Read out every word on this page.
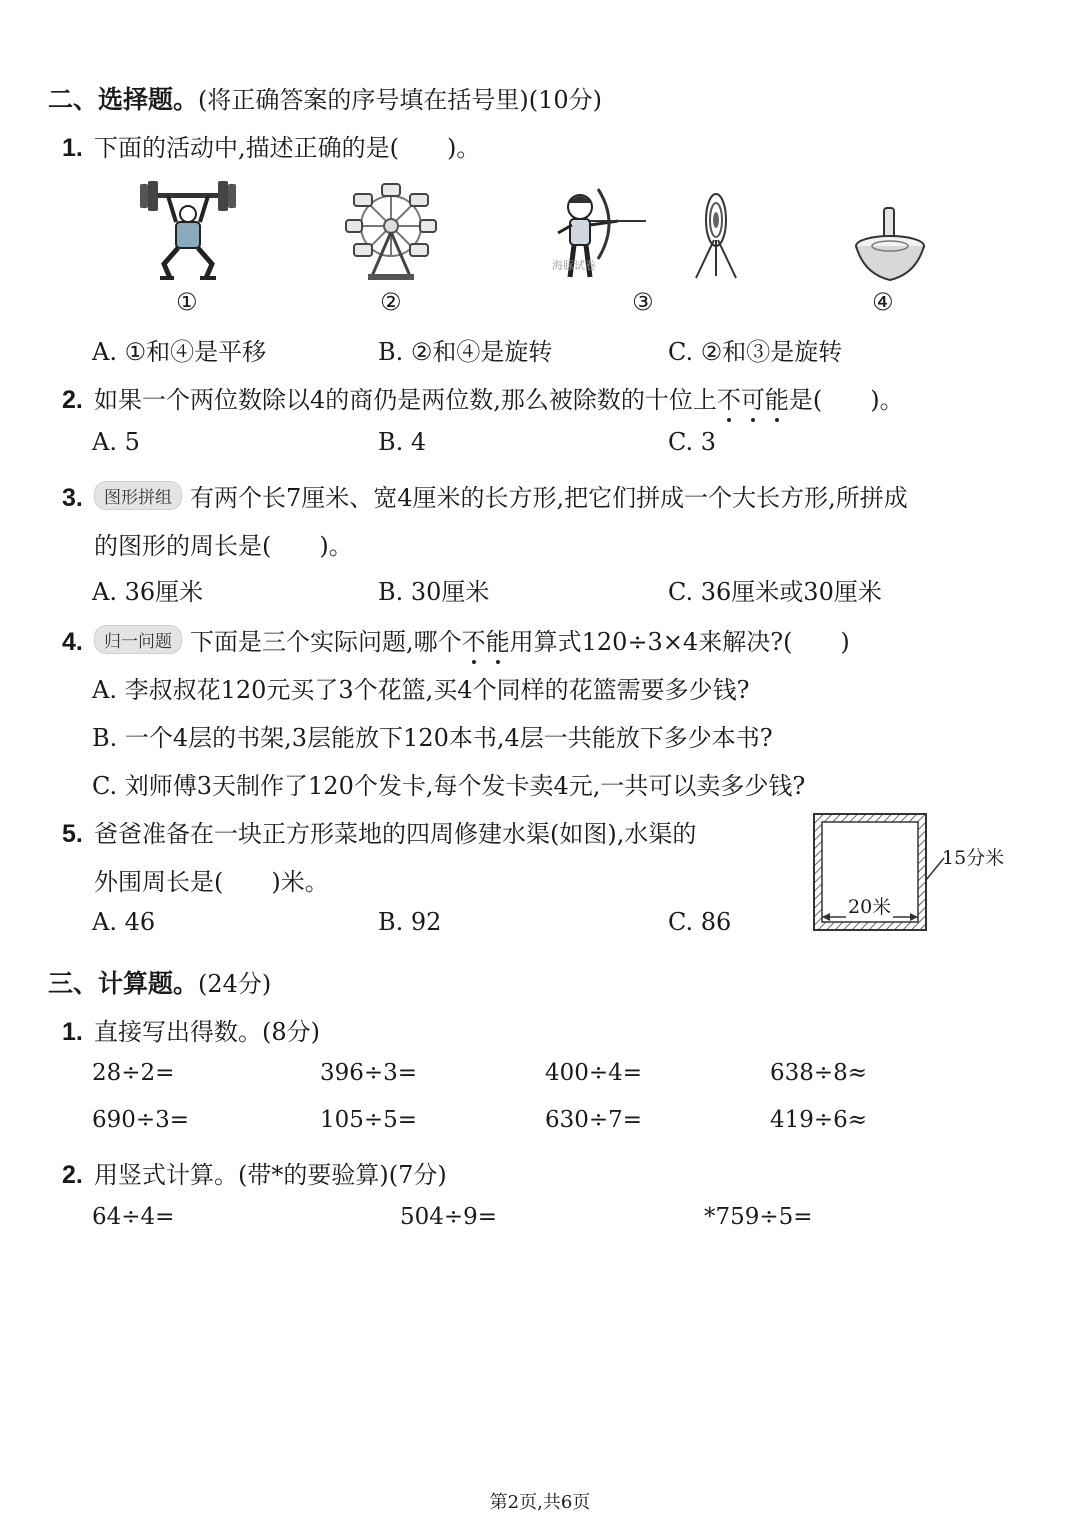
二、选择题。(将正确答案的序号填在括号里)(10分)
1. 下面的活动中,描述正确的是(　　)。
海豚试卷
①	②	③	④
A. ①和④是平移	B. ②和④是旋转	C. ②和③是旋转
2. 如果一个两位数除以4的商仍是两位数,那么被除数的十位上不可能是(　　)。
A. 5	B. 4	C. 3
3. 图形拼组 有两个长7厘米、宽4厘米的长方形,把它们拼成一个大长方形,所拼成
的图形的周长是(　　)。
A. 36厘米	B. 30厘米	C. 36厘米或30厘米
4. 归一问题 下面是三个实际问题,哪个不能用算式120÷3×4来解决?(　　)
A. 李叔叔花120元买了3个花篮,买4个同样的花篮需要多少钱?
B. 一个4层的书架,3层能放下120本书,4层一共能放下多少本书?
C. 刘师傅3天制作了120个发卡,每个发卡卖4元,一共可以卖多少钱?
5. 爸爸准备在一块正方形菜地的四周修建水渠(如图),水渠的
外围周长是(　　)米。
A. 46	B. 92	C. 86
20米
15分米
三、计算题。(24分)
1. 直接写出得数。(8分)
28÷2=	396÷3=	400÷4=	638÷8≈
690÷3=	105÷5=	630÷7=	419÷6≈
2. 用竖式计算。(带*的要验算)(7分)
64÷4=	504÷9=	*759÷5=
第2页,共6页
